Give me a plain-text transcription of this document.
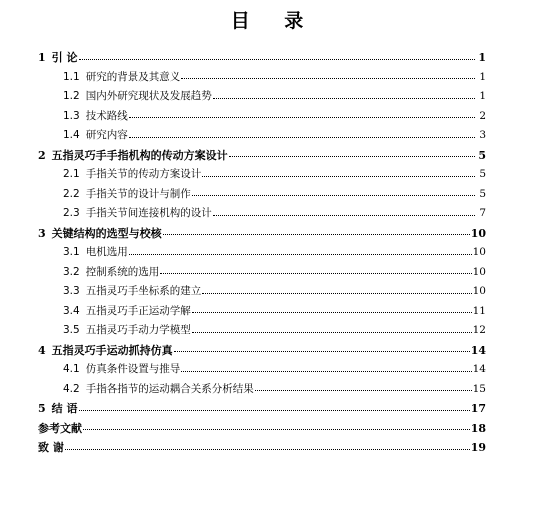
目 录
1 引 论	1
1.1 研究的背景及其意义	1
1.2 国内外研究现状及发展趋势	1
1.3 技术路线	2
1.4 研究内容	3
2 五指灵巧手手指机构的传动方案设计	5
2.1 手指关节的传动方案设计	5
2.2 手指关节的设计与制作	5
2.3 手指关节间连接机构的设计	7
3 关键结构的选型与校核	10
3.1 电机选用	10
3.2 控制系统的选用	10
3.3 五指灵巧手坐标系的建立	10
3.4 五指灵巧手正运动学解	11
3.5 五指灵巧手动力学模型	12
4 五指灵巧手运动抓持仿真	14
4.1 仿真条件设置与推导	14
4.2 手指各指节的运动耦合关系分析结果	15
5 结 语	17
参考文献	18
致 谢	19
